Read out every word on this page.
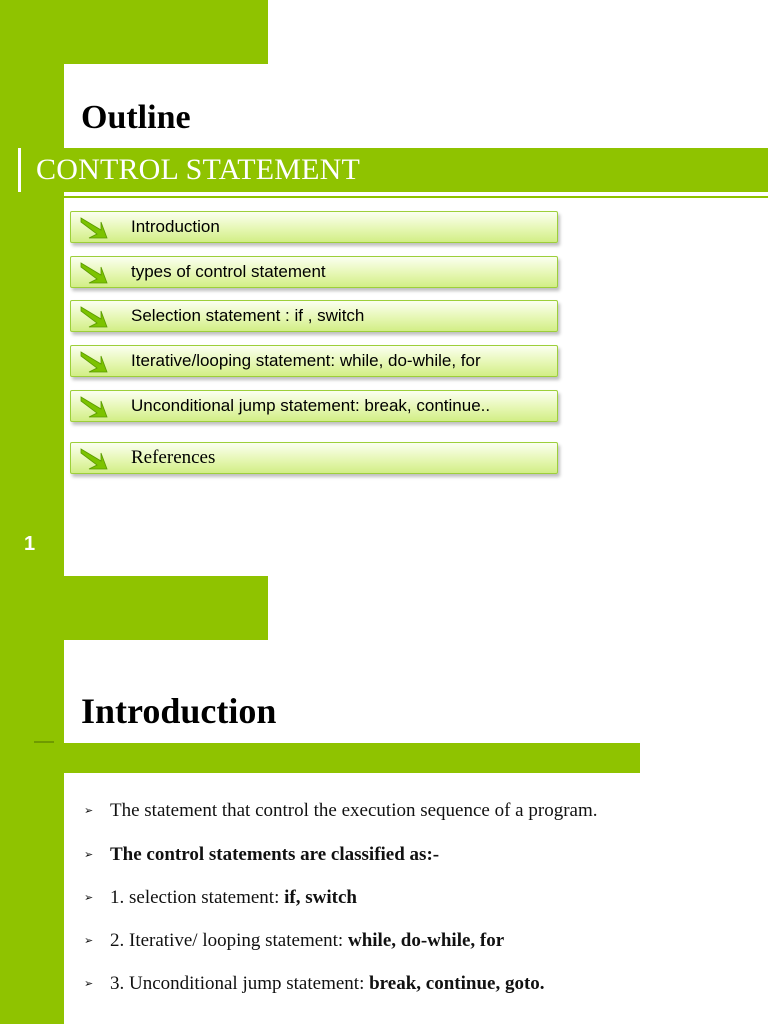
1
Outline
CONTROL STATEMENT
Introduction
types of control statement
Selection statement : if , switch
Iterative/looping statement: while, do-while, for
Unconditional jump statement: break, continue..
References
Introduction
➢ The statement that control the execution sequence of a program.
➢ The control statements are classified as:-
➢ 1. selection statement: if, switch
➢ 2. Iterative/ looping statement: while, do-while, for
➢ 3. Unconditional jump statement: break, continue, goto.
